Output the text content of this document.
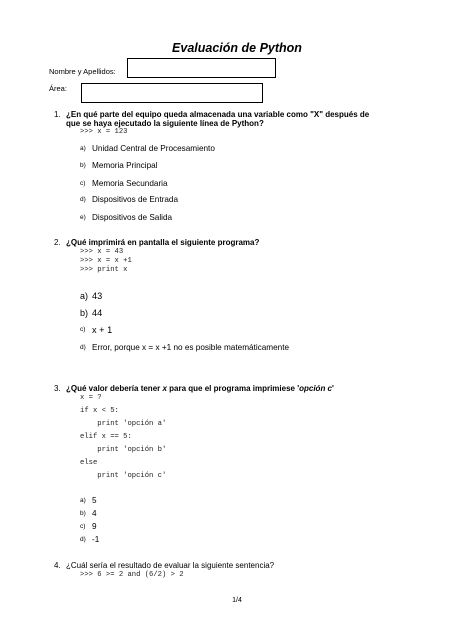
Evaluación de Python
Nombre y Apellidos:
Área:
1. ¿En qué parte del equipo queda almacenada una variable como "X" después de
que se haya ejecutado la siguiente línea de Python?
>>> x = 123
a) Unidad Central de Procesamiento
b) Memoria Principal
c) Memoria Secundaria
d) Dispositivos de Entrada
e) Dispositivos de Salida
2. ¿Qué imprimirá en pantalla el siguiente programa?
>>> x = 43
>>> x = x +1
>>> print x
a) 43
b) 44
c) x + 1
d) Error, porque x = x +1 no es posible matemáticamente
3. ¿Qué valor debería tener x para que el programa imprimiese 'opción c'
x = ?
if x < 5:
print 'opción a'
elif x == 5:
print 'opción b'
else
print 'opción c'
a) 5
b) 4
c) 9
d) -1
4. ¿Cuál sería el resultado de evaluar la siguiente sentencia?
>>> 6 >= 2 and (6/2) > 2
1/4
